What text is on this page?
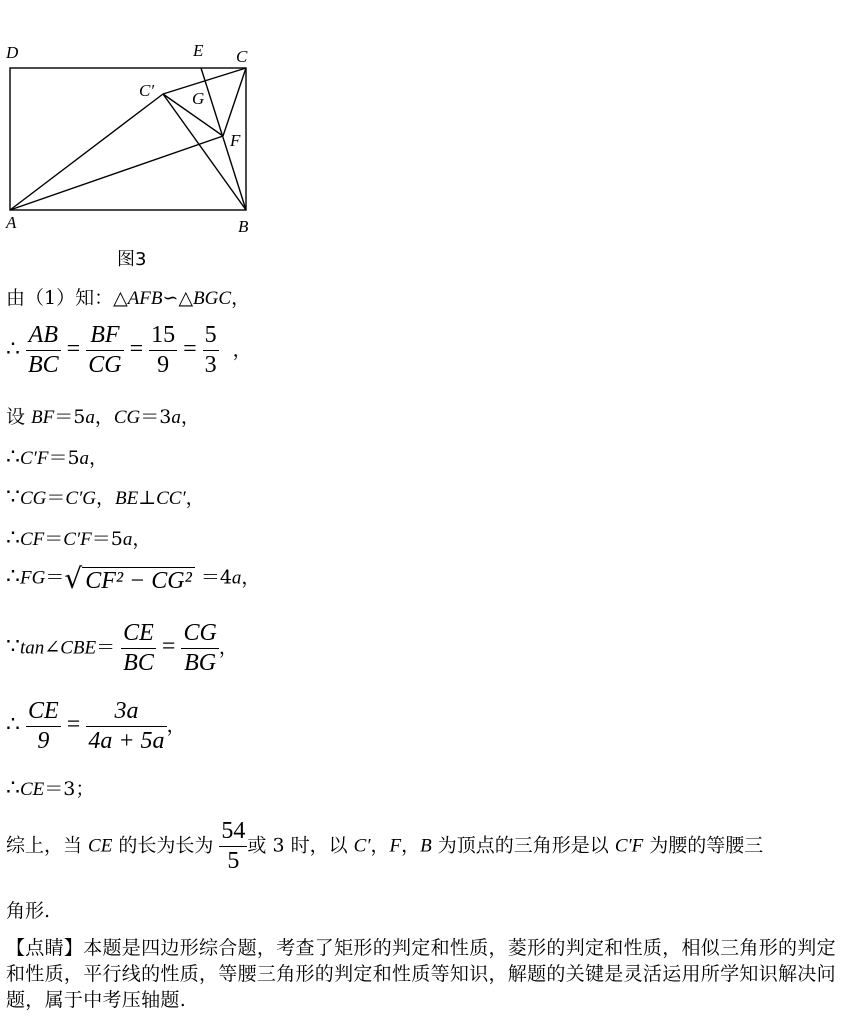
D	E C
C′ G
F
A	B
图3
由（1）知：△AFB∽△BGC，
∴ $\frac{AB}{BC} = \frac{BF}{CG} = \frac{15}{9} = \frac{5}{3}$ ，
设 BF＝5a，CG＝3a，
∴C′F＝5a，
∵CG＝C′G，BE⊥CC′，
∴CF＝C′F＝5a，
∴FG＝√ CF² − CG² ＝4a，
∵tan∠CBE＝ $\frac{CE}{BC} = \frac{CG}{BG}$ ，
∴ $\frac{CE}{9} = \frac{3a}{4a + 5a}$ ，
∴CE＝3；
综上，当 CE 的长为长为 $\frac{54}{5}$ 或 3 时，以 C′，F，B 为顶点的三角形是以 C′F 为腰的等腰三
角形.
【点睛】本题是四边形综合题，考查了矩形的判定和性质，菱形的判定和性质，相似三角形的判定和性质，平行线的性质，等腰三角形的判定和性质等知识，解题的关键是灵活运用所学知识解决问题，属于中考压轴题.
